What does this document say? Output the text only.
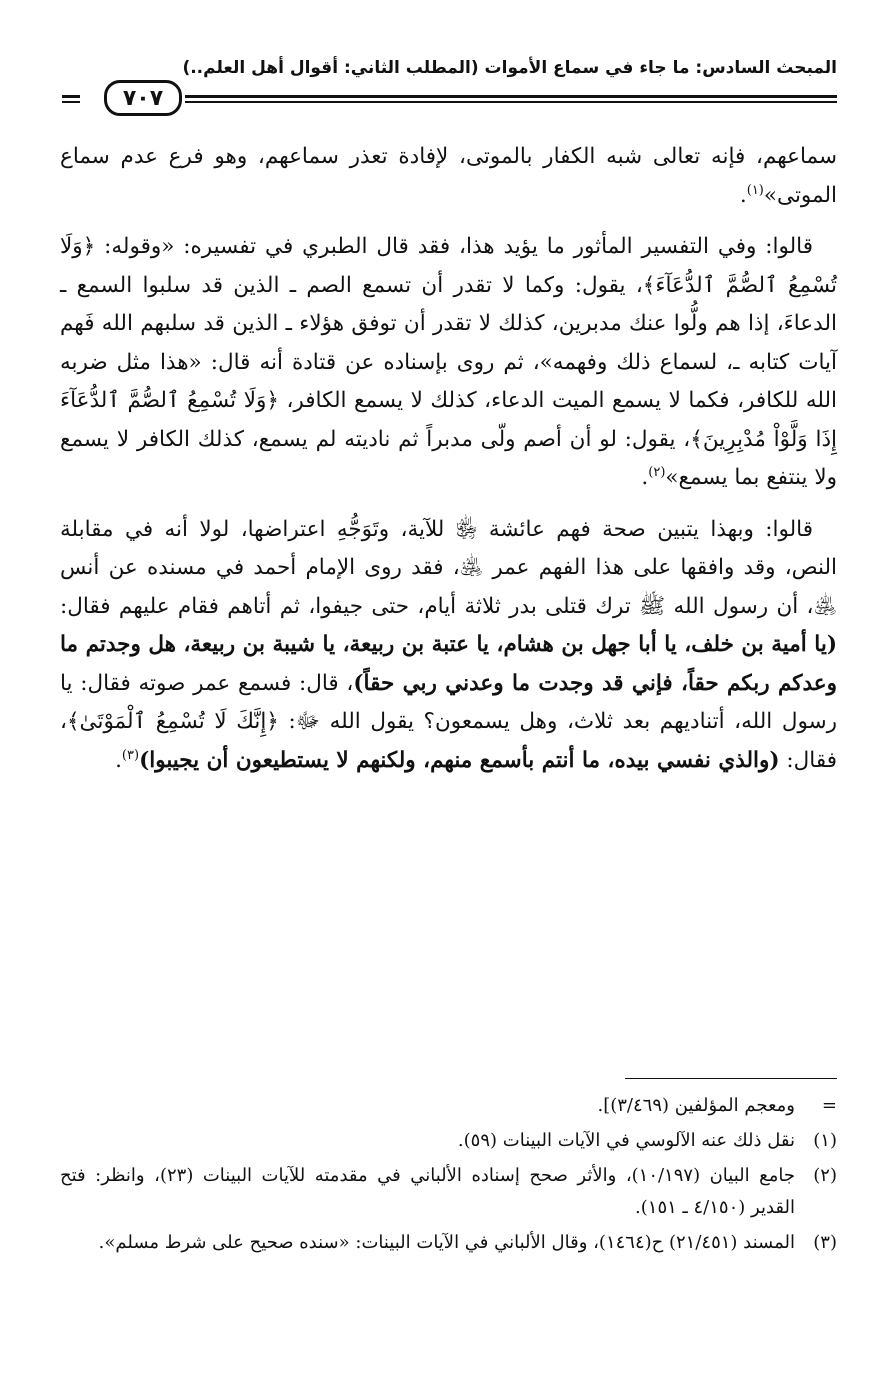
المبحث السادس: ما جاء في سماع الأموات (المطلب الثاني: أقوال أهل العلم..)
٧٠٧

سماعهم، فإنه تعالى شبه الكفار بالموتى، لإفادة تعذر سماعهم، وهو فرع عدم سماع الموتى»$^{(١)}$.

قالوا: وفي التفسير المأثور ما يؤيد هذا، فقد قال الطبري في تفسيره: «وقوله: ﴿وَلَا تُسْمِعُ ٱلصُّمَّ ٱلدُّعَآءَ﴾، يقول: وكما لا تقدر أن تسمع الصم ـ الذين قد سلبوا السمع ـ الدعاءَ، إذا هم ولُّوا عنك مدبرين، كذلك لا تقدر أن توفق هؤلاء ـ الذين قد سلبهم الله فَهم آيات كتابه ـ، لسماع ذلك وفهمه»، ثم روى بإسناده عن قتادة أنه قال: «هذا مثل ضربه الله للكافر، فكما لا يسمع الميت الدعاء، كذلك لا يسمع الكافر، ﴿وَلَا تُسْمِعُ ٱلصُّمَّ ٱلدُّعَآءَ إِذَا وَلَّوْاْ مُدْبِرِينَ﴾، يقول: لو أن أصم ولّى مدبراً ثم ناديته لم يسمع، كذلك الكافر لا يسمع ولا ينتفع بما يسمع»$^{(٢)}$.

قالوا: وبهذا يتبين صحة فهم عائشة ﵂ للآية، وتَوَجُّهِ اعتراضها، لولا أنه في مقابلة النص، وقد وافقها على هذا الفهم عمر ﵁، فقد روى الإمام أحمد في مسنده عن أنس ﵁، أن رسول الله ﷺ ترك قتلى بدر ثلاثة أيام، حتى جيفوا، ثم أتاهم فقام عليهم فقال: (يا أمية بن خلف، يا أبا جهل بن هشام، يا عتبة بن ربيعة، يا شيبة بن ربيعة، هل وجدتم ما وعدكم ربكم حقاً، فإني قد وجدت ما وعدني ربي حقاً)، قال: فسمع عمر صوته فقال: يا رسول الله، أتناديهم بعد ثلاث، وهل يسمعون؟ يقول الله ﷻ: ﴿إِنَّكَ لَا تُسْمِعُ ٱلْمَوْتَىٰ﴾، فقال: (والذي نفسي بيده، ما أنتم بأسمع منهم، ولكنهم لا يستطيعون أن يجيبوا)$^{(٣)}$.

=
ومعجم المؤلفين (٣/٤٦٩)].
(١)
نقل ذلك عنه الآلوسي في الآيات البينات (٥٩).
(٢)
جامع البيان (١٠/١٩٧)، والأثر صحح إسناده الألباني في مقدمته للآيات البينات (٢٣)، وانظر: فتح القدير (٤/١٥٠ ـ ١٥١).
(٣)
المسند (٢١/٤٥١) ح(١٤٦٤)، وقال الألباني في الآيات البينات: «سنده صحيح على شرط مسلم».
